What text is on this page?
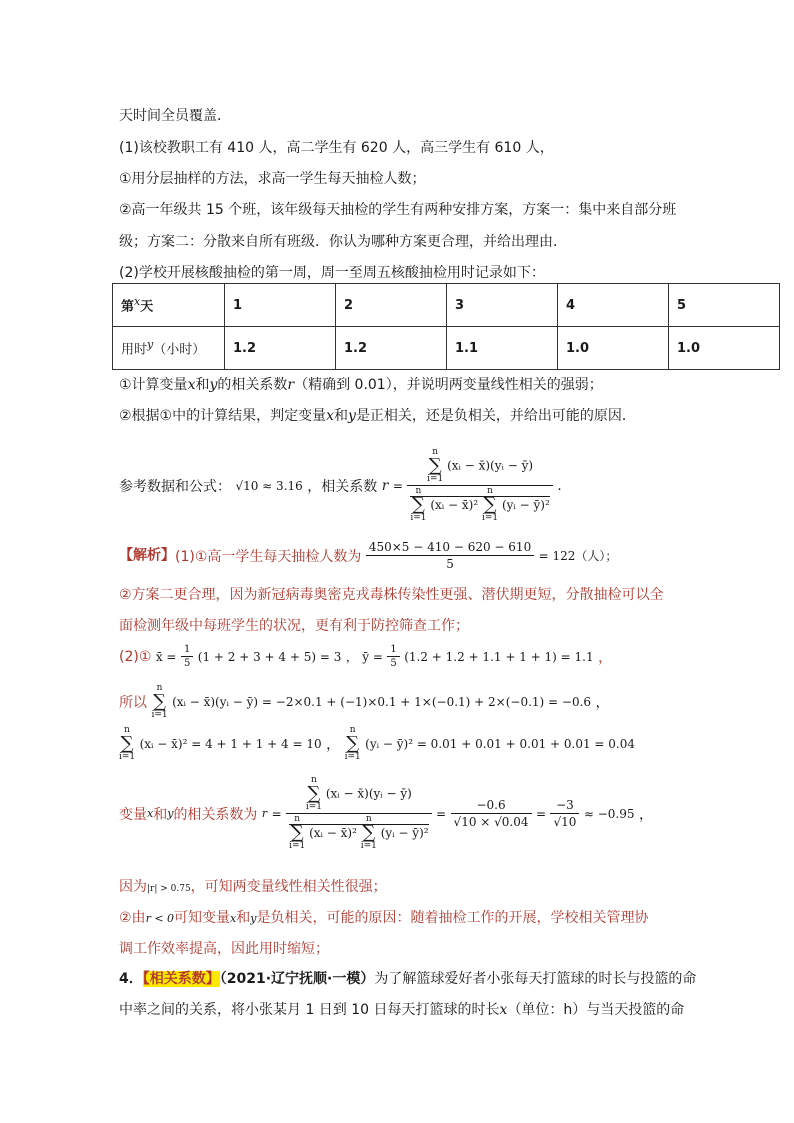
天时间全员覆盖．
(1)该校教职工有 410 人，高二学生有 620 人，高三学生有 610 人，
①用分层抽样的方法，求高一学生每天抽检人数；
②高一年级共 15 个班，该年级每天抽检的学生有两种安排方案，方案一：集中来自部分班
级；方案二：分散来自所有班级．你认为哪种方案更合理，并给出理由．
(2)学校开展核酸抽检的第一周，周一至周五核酸抽检用时记录如下：
第$^x$天	1	2	3	4	5
用时$^y$（小时）	1.2	1.2	1.1	1.0	1.0
①计算变量x和y的相关系数r（精确到 0.01），并说明两变量线性相关的强弱；
②根据①中的计算结果，判定变量x和y是正相关，还是负相关，并给出可能的原因．
参考数据和公式： √10 ≈ 3.16 ，相关系数 r =
n
∑
i=1 (xᵢ − x̄)(yᵢ − ȳ)
n
∑
i=1 (xᵢ − x̄)² n
∑
i=1 (yᵢ − ȳ)²
.
【解析】(1)①高一学生每天抽检人数为 $\frac{450\times 5 - 410 - 620 - 610}{5} = 122$（人）；
②方案二更合理，因为新冠病毒奥密克戎毒株传染性更强、潜伏期更短，分散抽检可以全
面检测年级中每班学生的状况，更有利于防控筛查工作；
(2)① x̄ = $\frac{1}{5} (1 + 2 + 3 + 4 + 5) = 3$ ， ȳ = $\frac{1}{5} (1.2 + 1.2 + 1.1 + 1 + 1) = 1.1$ ，
所以 n
∑
i=1 (xᵢ − x̄)(yᵢ − ȳ) = −2×0.1 + (−1)×0.1 + 1×(−0.1) + 2×(−0.1) = −0.6 ，
n
∑
i=1 (xᵢ − x̄)² = 4 + 1 + 1 + 4 = 10 ， n
∑
i=1 (yᵢ − ȳ)² = 0.01 + 0.01 + 0.01 + 0.01 = 0.04
变量x和y的相关系数为 r =
n
∑
i=1 (xᵢ − x̄)(yᵢ − ȳ)
n
∑
i=1 (xᵢ − x̄)² n
∑
i=1 (yᵢ − ȳ)²
= $\frac{-0.6}{√10 \times √0.04} = \frac{-3}{√10} \approx -0.95$ ，
因为|r| > 0.75，可知两变量线性相关性很强；
②由r < 0可知变量x和y是负相关，可能的原因：随着抽检工作的开展，学校相关管理协
调工作效率提高，因此用时缩短；
4．【相关系数】（2021·辽宁抚顺·一模）为了解篮球爱好者小张每天打篮球的时长与投篮的命
中率之间的关系，将小张某月 1 日到 10 日每天打篮球的时长x（单位：h）与当天投篮的命
